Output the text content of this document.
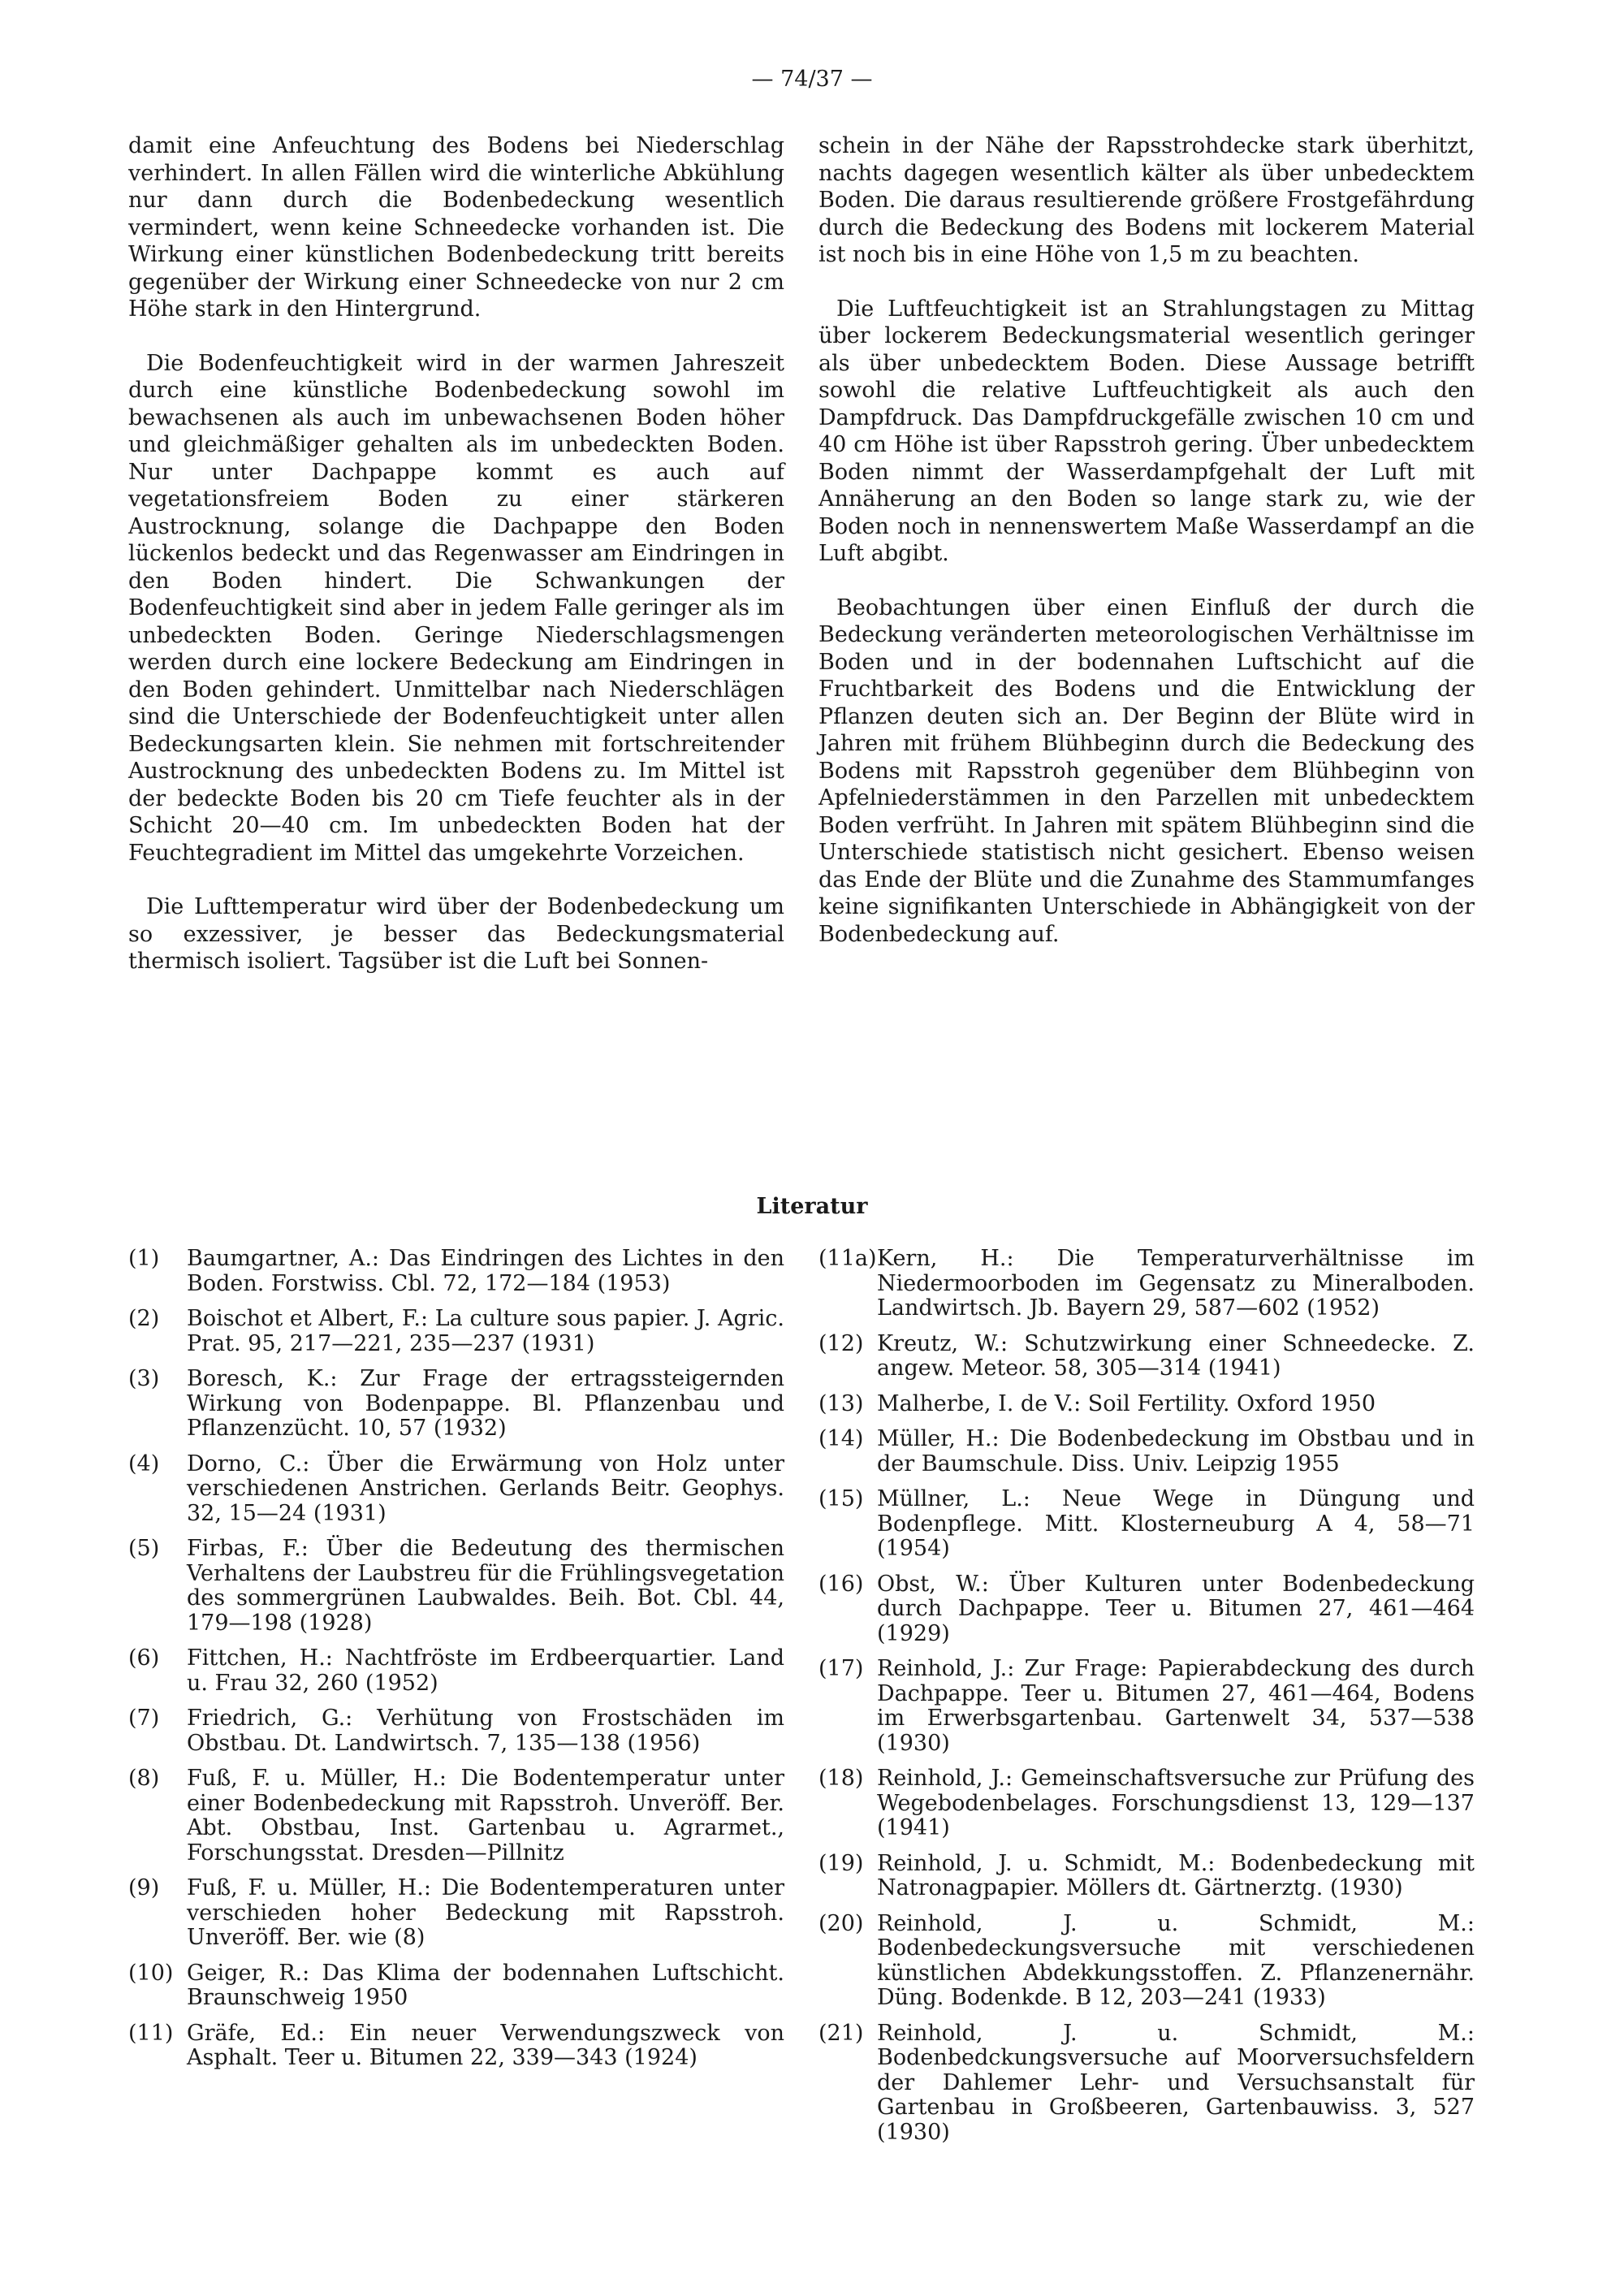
— 74/37 —

damit eine Anfeuchtung des Bodens bei Niederschlag verhindert. In allen Fällen wird die winterliche Abkühlung nur dann durch die Bodenbedeckung wesentlich vermindert, wenn keine Schneedecke vorhanden ist. Die Wirkung einer künstlichen Bodenbedeckung tritt bereits gegenüber der Wirkung einer Schneedecke von nur 2 cm Höhe stark in den Hintergrund.

Die Bodenfeuchtigkeit wird in der warmen Jahreszeit durch eine künstliche Bodenbedeckung sowohl im bewachsenen als auch im unbewachsenen Boden höher und gleichmäßiger gehalten als im unbedeckten Boden. Nur unter Dachpappe kommt es auch auf vegetationsfreiem Boden zu einer stärkeren Austrocknung, solange die Dachpappe den Boden lückenlos bedeckt und das Regenwasser am Eindringen in den Boden hindert. Die Schwankungen der Bodenfeuchtigkeit sind aber in jedem Falle geringer als im unbedeckten Boden. Geringe Niederschlagsmengen werden durch eine lockere Bedeckung am Eindringen in den Boden gehindert. Unmittelbar nach Niederschlägen sind die Unterschiede der Bodenfeuchtigkeit unter allen Bedeckungsarten klein. Sie nehmen mit fortschreitender Austrocknung des unbedeckten Bodens zu. Im Mittel ist der bedeckte Boden bis 20 cm Tiefe feuchter als in der Schicht 20—40 cm. Im unbedeckten Boden hat der Feuchtegradient im Mittel das umgekehrte Vorzeichen.

Die Lufttemperatur wird über der Bodenbedeckung um so exzessiver, je besser das Bedeckungsmaterial thermisch isoliert. Tagsüber ist die Luft bei Sonnen-

schein in der Nähe der Rapsstrohdecke stark überhitzt, nachts dagegen wesentlich kälter als über unbedecktem Boden. Die daraus resultierende größere Frostgefährdung durch die Bedeckung des Bodens mit lockerem Material ist noch bis in eine Höhe von 1,5 m zu beachten.

Die Luftfeuchtigkeit ist an Strahlungstagen zu Mittag über lockerem Bedeckungsmaterial wesentlich geringer als über unbedecktem Boden. Diese Aussage betrifft sowohl die relative Luftfeuchtigkeit als auch den Dampfdruck. Das Dampfdruckgefälle zwischen 10 cm und 40 cm Höhe ist über Rapsstroh gering. Über unbedecktem Boden nimmt der Wasserdampfgehalt der Luft mit Annäherung an den Boden so lange stark zu, wie der Boden noch in nennenswertem Maße Wasserdampf an die Luft abgibt.

Beobachtungen über einen Einfluß der durch die Bedeckung veränderten meteorologischen Verhältnisse im Boden und in der bodennahen Luftschicht auf die Fruchtbarkeit des Bodens und die Entwicklung der Pflanzen deuten sich an. Der Beginn der Blüte wird in Jahren mit frühem Blühbeginn durch die Bedeckung des Bodens mit Rapsstroh gegenüber dem Blühbeginn von Apfelniederstämmen in den Parzellen mit unbedecktem Boden verfrüht. In Jahren mit spätem Blühbeginn sind die Unterschiede statistisch nicht gesichert. Ebenso weisen das Ende der Blüte und die Zunahme des Stammumfanges keine signifikanten Unterschiede in Abhängigkeit von der Bodenbedeckung auf.

Literatur
(1)	Baumgartner, A.: Das Eindringen des Lichtes in den Boden. Forstwiss. Cbl. 72, 172—184 (1953)
(2)	Boischot et Albert, F.: La culture sous papier. J. Agric. Prat. 95, 217—221, 235—237 (1931)
(3)	Boresch, K.: Zur Frage der ertragssteigerndеn Wirkung von Bodenpappe. Bl. Pflanzenbau und Pflanzenzücht. 10, 57 (1932)
(4)	Dorno, C.: Über die Erwärmung von Holz unter verschiedenen Anstrichen. Gerlands Beitr. Geophys. 32, 15—24 (1931)
(5)	Firbas, F.: Über die Bedeutung des thermischen Verhaltens der Laubstreu für die Frühlingsvegetation des sommergrünen Laubwaldes. Beih. Bot. Cbl. 44, 179—198 (1928)
(6)	Fittchen, H.: Nachtfröste im Erdbeerquartier. Land u. Frau 32, 260 (1952)
(7)	Friedrich, G.: Verhütung von Frostschäden im Obstbau. Dt. Landwirtsch. 7, 135—138 (1956)
(8)	Fuß, F. u. Müller, H.: Die Bodentemperatur unter einer Bodenbedeckung mit Rapsstroh. Unveröff. Ber. Abt. Obstbau, Inst. Gartenbau u. Agrarmet., Forschungsstat. Dresden—Pillnitz
(9)	Fuß, F. u. Müller, H.: Die Bodentemperaturen unter verschieden hoher Bedeckung mit Rapsstroh. Unveröff. Ber. wie (8)
(10) Geiger, R.: Das Klima der bodennahen Luftschicht. Braunschweig 1950
(11) Gräfe, Ed.: Ein neuer Verwendungszweck von Asphalt. Teer u. Bitumen 22, 339—343 (1924)
(11a) Kern, H.: Die Temperaturverhältnisse im Niedermoorboden im Gegensatz zu Mineralboden. Landwirtsch. Jb. Bayern 29, 587—602 (1952)
(12) Kreutz, W.: Schutzwirkung einer Schneedecke. Z. angew. Meteor. 58, 305—314 (1941)
(13) Malherbe, I. de V.: Soil Fertility. Oxford 1950
(14) Müller, H.: Die Bodenbedeckung im Obstbau und in der Baumschule. Diss. Univ. Leipzig 1955
(15) Müllner, L.: Neue Wege in Düngung und Bodenpflege. Mitt. Klosterneuburg A 4, 58—71 (1954)
(16) Obst, W.: Über Kulturen unter Bodenbedeckung durch Dachpappe. Teer u. Bitumen 27, 461—464 (1929)
(17) Reinhold, J.: Zur Frage: Papierabdeckung des durch Dachpappe. Teer u. Bitumen 27, 461—464, Bodens im Erwerbsgartenbau. Gartenwelt 34, 537—538 (1930)
(18) Reinhold, J.: Gemeinschaftsversuche zur Prüfung des Wegebodenbelages. Forschungsdienst 13, 129—137 (1941)
(19) Reinhold, J. u. Schmidt, M.: Bodenbedeckung mit Natronagpapier. Möllers dt. Gärtnerztg. (1930)
(20) Reinhold, J. u. Schmidt, M.: Bodenbedeckungsversuche mit verschiedenen künstlichen Abdekkungsstoffen. Z. Pflanzenernähr. Düng. Bodenkde. B 12, 203—241 (1933)
(21) Reinhold, J. u. Schmidt, M.: Bodenbedckungsversuche auf Moorversuchsfeldern der Dahlemer Lehr- und Versuchsanstalt für Gartenbau in Großbeeren, Gartenbauwiss. 3, 527 (1930)
